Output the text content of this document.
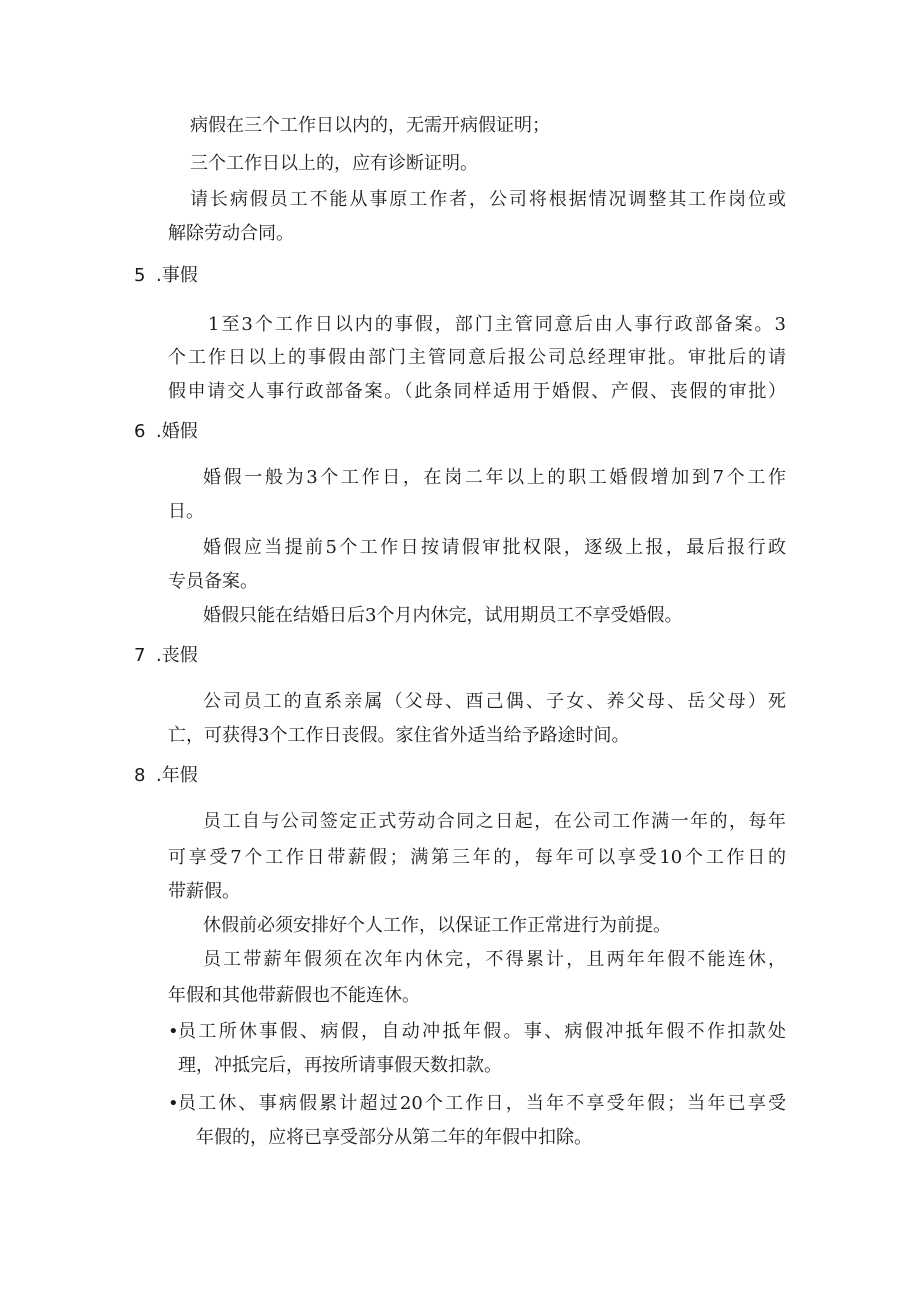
病假在三个工作日以内的，无需开病假证明；
三个工作日以上的，应有诊断证明。
请长病假员工不能从事原工作者，公司将根据情况调整其工作岗位或
解除劳动合同。
5 .事假
1至3个工作日以内的事假，部门主管同意后由人事行政部备案。3
个工作日以上的事假由部门主管同意后报公司总经理审批。审批后的请
假申请交人事行政部备案。（此条同样适用于婚假、产假、丧假的审批）
6 .婚假
婚假一般为3个工作日，在岗二年以上的职工婚假增加到7个工作
日。
婚假应当提前5个工作日按请假审批权限，逐级上报，最后报行政
专员备案。
婚假只能在结婚日后3个月内休完，试用期员工不享受婚假。
7 .丧假
公司员工的直系亲属（父母、酉己偶、子女、养父母、岳父母）死
亡，可获得3个工作日丧假。家住省外适当给予路途时间。
8 .年假
员工自与公司签定正式劳动合同之日起，在公司工作满一年的，每年
可享受7个工作日带薪假；满第三年的，每年可以享受10个工作日的
带薪假。
休假前必须安排好个人工作，以保证工作正常进行为前提。
员工带薪年假须在次年内休完，不得累计，且两年年假不能连休，
年假和其他带薪假也不能连休。
• 员工所休事假、病假，自动冲抵年假。事、病假冲抵年假不作扣款处
理，冲抵完后，再按所请事假天数扣款。
• 员工休、事病假累计超过20个工作日，当年不享受年假；当年已享受
年假的，应将已享受部分从第二年的年假中扣除。
